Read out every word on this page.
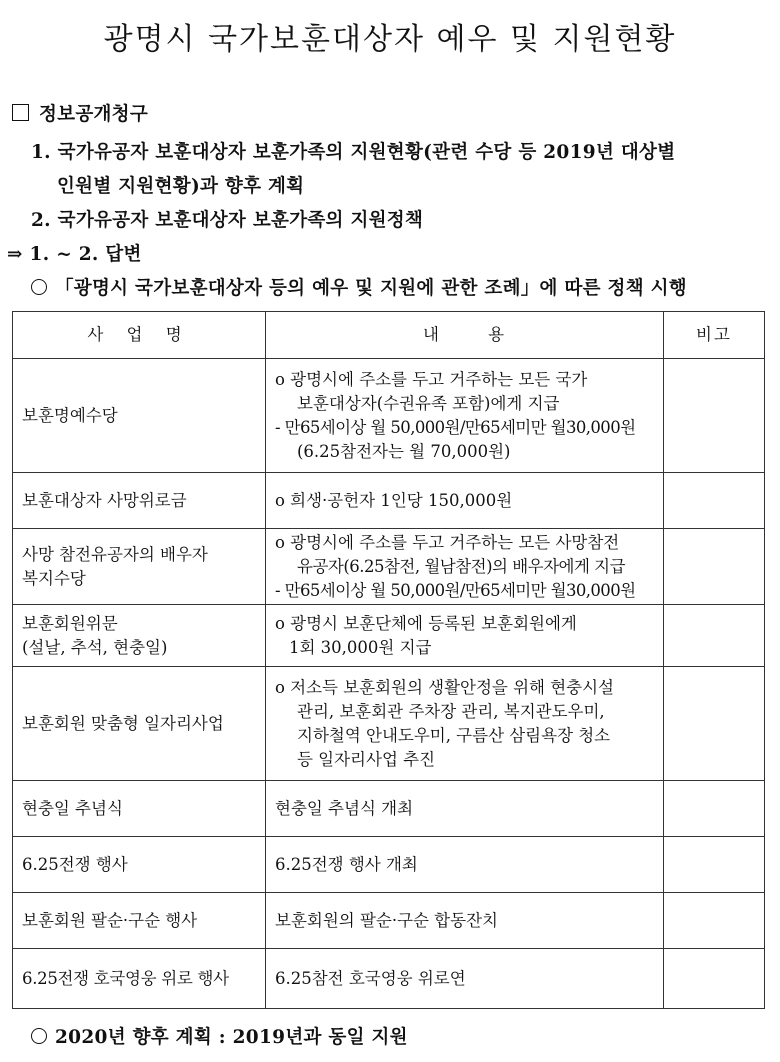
광명시 국가보훈대상자 예우 및 지원현황
정보공개청구
1. 국가유공자 보훈대상자 보훈가족의 지원현황(관련 수당 등 2019년 대상별
인원별 지원현황)과 향후 계획
2. 국가유공자 보훈대상자 보훈가족의 지원정책
⇒ 1. ~ 2. 답변
「광명시 국가보훈대상자 등의 예우 및 지원에 관한 조례」에 따른 정책 시행
사 업 명	내 용	비고

보훈명예수당	o 광명시에 주소를 두고 거주하는 모든 국가
보훈대상자(수권유족 포함)에게 지급
- 만65세이상 월 50,000원/만65세미만 월30,000원
(6.25참전자는 월 70,000원)	

보훈대상자 사망위로금	o 희생·공헌자 1인당 150,000원	

사망 참전유공자의 배우자
복지수당	o 광명시에 주소를 두고 거주하는 모든 사망참전
유공자(6.25참전, 월남참전)의 배우자에게 지급
- 만65세이상 월 50,000원/만65세미만 월30,000원	

보훈회원위문
(설날, 추석, 현충일)	o 광명시 보훈단체에 등록된 보훈회원에게
1회 30,000원 지급	

보훈회원 맞춤형 일자리사업	o 저소득 보훈회원의 생활안정을 위해 현충시설
관리, 보훈회관 주차장 관리, 복지관도우미,
지하철역 안내도우미, 구름산 삼림욕장 청소
등 일자리사업 추진	

현충일 추념식	현충일 추념식 개최	

6.25전쟁 행사	6.25전쟁 행사 개최	

보훈회원 팔순·구순 행사	보훈회원의 팔순·구순 합동잔치	

6.25전쟁 호국영웅 위로 행사	6.25참전 호국영웅 위로연	

2020년 향후 계획 : 2019년과 동일 지원
